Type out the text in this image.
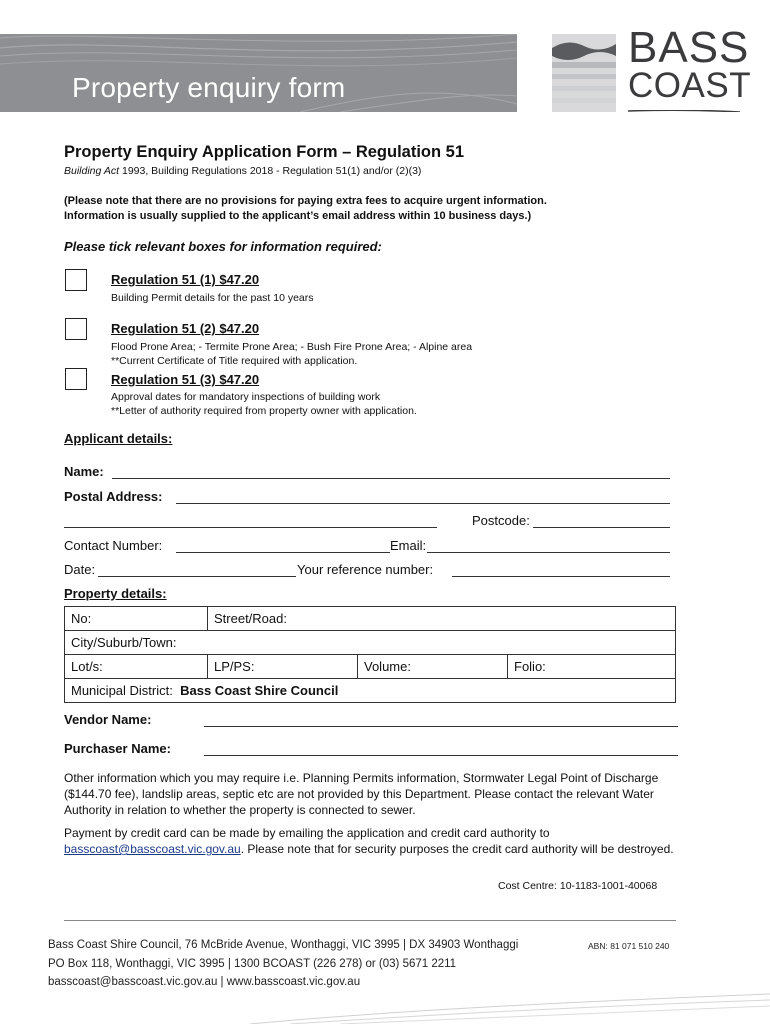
Property enquiry form
BASS
COAST
Property Enquiry Application Form – Regulation 51
Building Act 1993, Building Regulations 2018 - Regulation 51(1) and/or (2)(3)
(Please note that there are no provisions for paying extra fees to acquire urgent information.
Information is usually supplied to the applicant’s email address within 10 business days.)
Please tick relevant boxes for information required:
Regulation 51 (1) $47.20
Building Permit details for the past 10 years
Regulation 51 (2) $47.20
Flood Prone Area; - Termite Prone Area; - Bush Fire Prone Area; - Alpine area
**Current Certificate of Title required with application.
Regulation 51 (3) $47.20
Approval dates for mandatory inspections of building work
**Letter of authority required from property owner with application.
Applicant details:
Name:
Postal Address:
Postcode:
Contact Number:	Email:
Date:	Your reference number:
Property details:
No:	Street/Road:		
City/Suburb/Town:			
Lot/s:	LP/PS:	Volume:	Folio:
Municipal District: Bass Coast Shire Council			
Vendor Name:
Purchaser Name:
Other information which you may require i.e. Planning Permits information, Stormwater Legal Point of Discharge ($144.70 fee), landslip areas, septic etc are not provided by this Department. Please contact the relevant Water Authority in relation to whether the property is connected to sewer.
Payment by credit card can be made by emailing the application and credit card authority to
basscoast@basscoast.vic.gov.au. Please note that for security purposes the credit card authority will be destroyed.
Cost Centre: 10-1183-1001-40068
Bass Coast Shire Council, 76 McBride Avenue, Wonthaggi, VIC 3995 | DX 34903 Wonthaggi
PO Box 118, Wonthaggi, VIC 3995 | 1300 BCOAST (226 278) or (03) 5671 2211
basscoast@basscoast.vic.gov.au | www.basscoast.vic.gov.au
ABN: 81 071 510 240
